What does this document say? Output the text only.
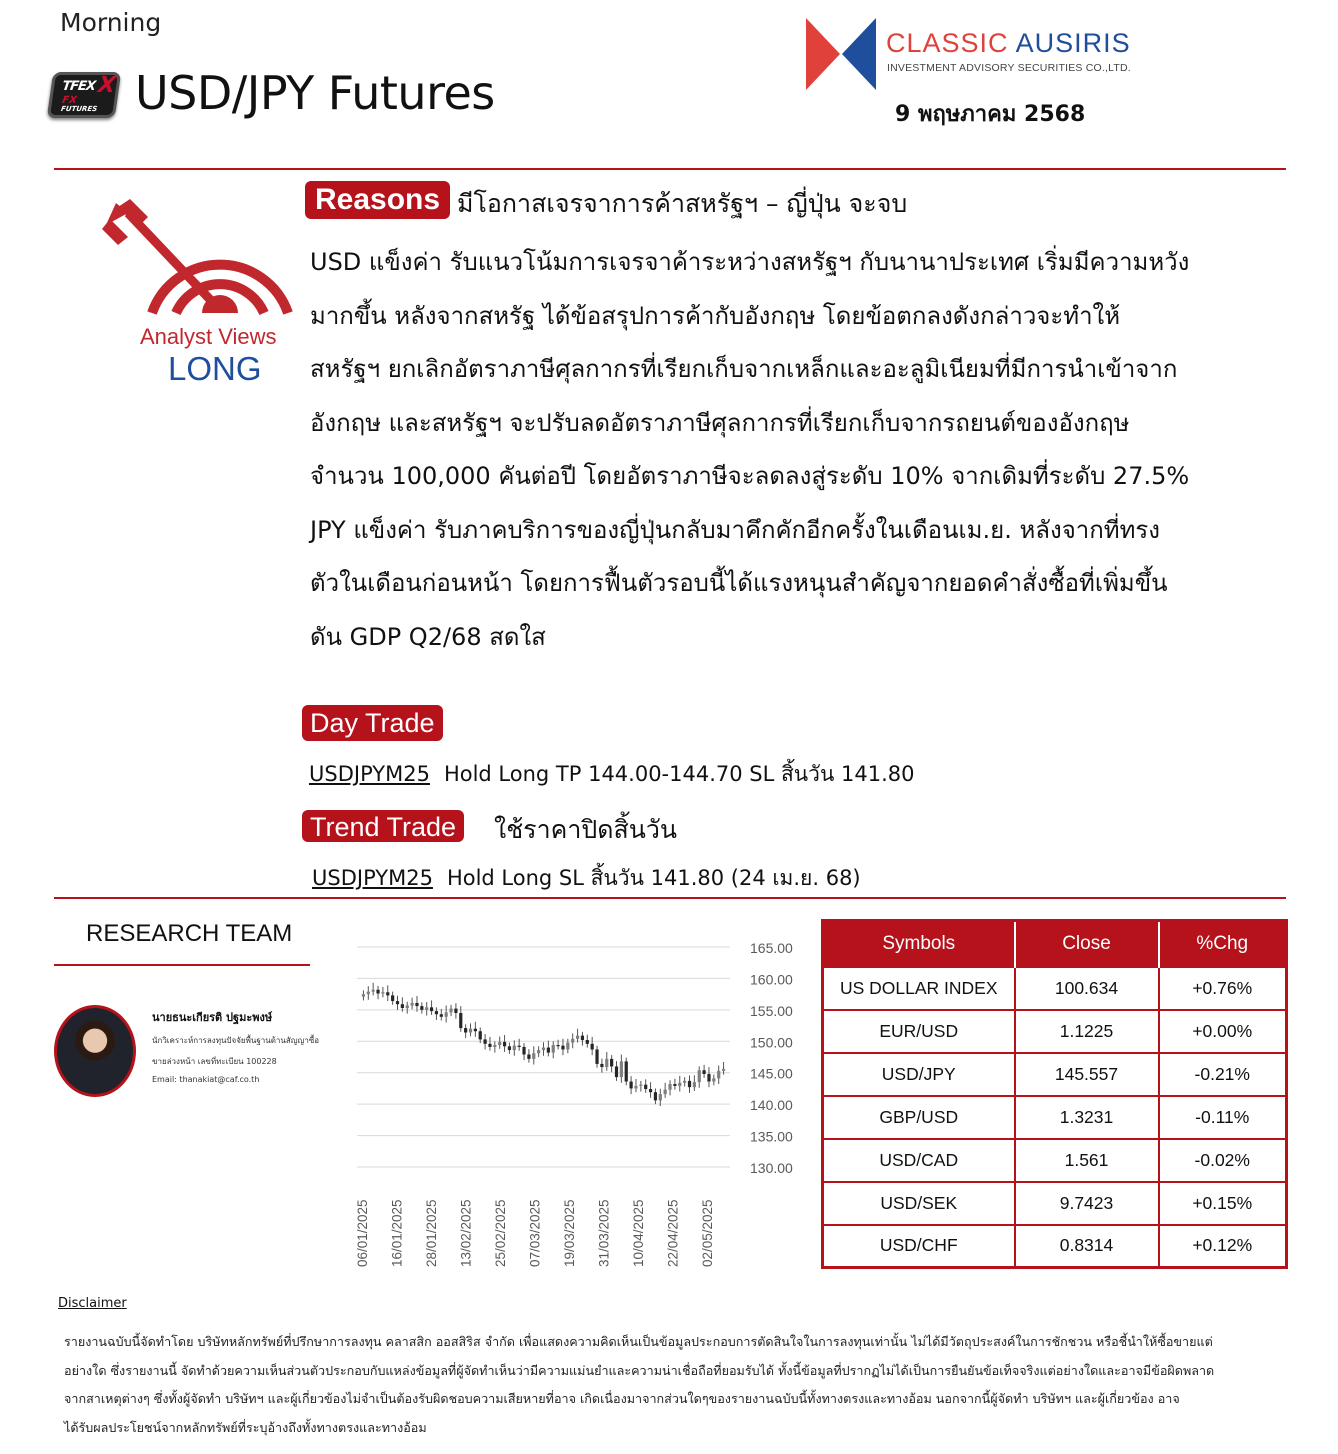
Morning
TFEX X
FX
FUTURES USD/JPY Futures
CLASSIC AUSIRIS
INVESTMENT ADVISORY SECURITIES CO.,LTD.
9 พฤษภาคม 2568
Analyst Views
LONG
Reasons มีโอกาสเจรจาการค้าสหรัฐฯ – ญี่ปุ่น จะจบ

USD แข็งค่า รับแนวโน้มการเจรจาค้าระหว่างสหรัฐฯ กับนานาประเทศ เริ่มมีความหวัง

มากขึ้น หลังจากสหรัฐ ได้ข้อสรุปการค้ากับอังกฤษ โดยข้อตกลงดังกล่าวจะทำให้

สหรัฐฯ ยกเลิกอัตราภาษีศุลกากรที่เรียกเก็บจากเหล็กและอะลูมิเนียมที่มีการนำเข้าจาก

อังกฤษ และสหรัฐฯ จะปรับลดอัตราภาษีศุลกากรที่เรียกเก็บจากรถยนต์ของอังกฤษ

จำนวน 100,000 คันต่อปี โดยอัตราภาษีจะลดลงสู่ระดับ 10% จากเดิมที่ระดับ 27.5%

JPY แข็งค่า รับภาคบริการของญี่ปุ่นกลับมาคึกคักอีกครั้งในเดือนเม.ย. หลังจากที่ทรง

ตัวในเดือนก่อนหน้า โดยการฟื้นตัวรอบนี้ได้แรงหนุนสำคัญจากยอดคำสั่งซื้อที่เพิ่มขึ้น

ดัน GDP Q2/68 สดใส

Day Trade
USDJPYM25 Hold Long TP 144.00-144.70 SL สิ้นวัน 141.80
Trend Trade	ใช้ราคาปิดสิ้นวัน
USDJPYM25 Hold Long SL สิ้นวัน 141.80 (24 เม.ย. 68)
RESEARCH TEAM
นายธนะเกียรติ ปฐมะพงษ์
นักวิเคราะห์การลงทุนปัจจัยพื้นฐานด้านสัญญาซื้อ
ขายล่วงหน้า เลขที่ทะเบียน 100228
Email: thanakiat@caf.co.th
165.00
160.00
155.00
150.00
145.00
140.00
135.00
130.00
06/01/2025 16/01/2025 28/01/2025 13/02/2025 25/02/2025 07/03/2025 19/03/2025 31/03/2025 10/04/2025 22/04/2025 02/05/2025
Symbols	Close	%Chg
US DOLLAR INDEX	100.634	+0.76%
EUR/USD	1.1225	+0.00%
USD/JPY	145.557	-0.21%
GBP/USD	1.3231	-0.11%
USD/CAD	1.561	-0.02%
USD/SEK	9.7423	+0.15%
USD/CHF	0.8314	+0.12%
Disclaimer

รายงานฉบับนี้จัดทำโดย บริษัทหลักทรัพย์ที่ปรึกษาการลงทุน คลาสสิก ออสสิริส จำกัด เพื่อแสดงความคิดเห็นเป็นข้อมูลประกอบการตัดสินใจในการลงทุนเท่านั้น ไม่ได้มีวัตถุประสงค์ในการชักชวน หรือชี้นำให้ซื้อขายแต่

อย่างใด ซึ่งรายงานนี้ จัดทำด้วยความเห็นส่วนตัวประกอบกับแหล่งข้อมูลที่ผู้จัดทำเห็นว่ามีความแม่นยำและความน่าเชื่อถือที่ยอมรับได้ ทั้งนี้ข้อมูลที่ปรากฏไม่ได้เป็นการยืนยันข้อเท็จจริงแต่อย่างใดและอาจมีข้อผิดพลาด

จากสาเหตุต่างๆ ซึ่งทั้งผู้จัดทำ บริษัทฯ และผู้เกี่ยวข้องไม่จำเป็นต้องรับผิดชอบความเสียหายที่อาจ เกิดเนื่องมาจากส่วนใดๆของรายงานฉบับนี้ทั้งทางตรงและทางอ้อม นอกจากนี้ผู้จัดทำ บริษัทฯ และผู้เกี่ยวข้อง อาจ

ได้รับผลประโยชน์จากหลักทรัพย์ที่ระบุอ้างถึงทั้งทางตรงและทางอ้อม
